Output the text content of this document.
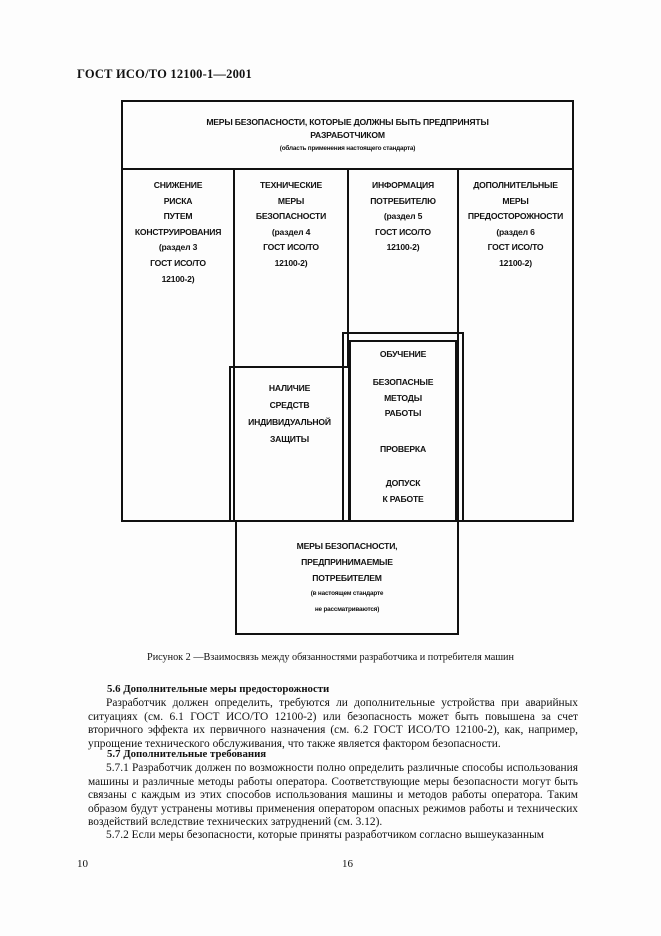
ГОСТ ИСО/ТО 12100-1—2001
МЕРЫ БЕЗОПАСНОСТИ, КОТОРЫЕ ДОЛЖНЫ БЫТЬ ПРЕДПРИНЯТЫ
РАЗРАБОТЧИКОМ
(область применения настоящего стандарта)
СНИЖЕНИЕ
РИСКА
ПУТЕМ
КОНСТРУИРОВАНИЯ
(раздел 3
ГОСТ ИСО/ТО
12100-2)
ТЕХНИЧЕСКИЕ
МЕРЫ
БЕЗОПАСНОСТИ
(раздел 4
ГОСТ ИСО/ТО
12100-2)
ИНФОРМАЦИЯ
ПОТРЕБИТЕЛЮ
(раздел 5
ГОСТ ИСО/ТО
12100-2)
ДОПОЛНИТЕЛЬНЫЕ
МЕРЫ
ПРЕДОСТОРОЖНОСТИ
(раздел 6
ГОСТ ИСО/ТО
12100-2)
НАЛИЧИЕ
СРЕДСТВ
ИНДИВИДУАЛЬНОЙ
ЗАЩИТЫ
ОБУЧЕНИЕ
БЕЗОПАСНЫЕ
МЕТОДЫ
РАБОТЫ
ПРОВЕРКА
ДОПУСК
К РАБОТЕ
МЕРЫ БЕЗОПАСНОСТИ,
ПРЕДПРИНИМАЕМЫЕ
ПОТРЕБИТЕЛЕМ
(в настоящем стандарте
не рассматриваются)
Рисунок 2 —Взаимосвязь между обязанностями разработчика и потребителя машин
5.6 Дополнительные меры предосторожности
Разработчик должен определить, требуются ли дополнительные устройства при аварийных ситуациях (см. 6.1 ГОСТ ИСО/ТО 12100-2) или безопасность может быть повышена за счет вторичного эффекта их первичного назначения (см. 6.2 ГОСТ ИСО/ТО 12100-2), как, например, упрощение технического обслуживания, что также является фактором безопасности.
5.7 Дополнительные требования
5.7.1 Разработчик должен по возможности полно определить различные способы использования машины и различные методы работы оператора. Соответствующие меры безопасности могут быть связаны с каждым из этих способов использования машины и методов работы оператора. Таким образом будут устранены мотивы применения оператором опасных режимов работы и технических воздействий вследствие технических затруднений (см. 3.12).
5.7.2 Если меры безопасности, которые приняты разработчиком согласно вышеуказанным
10	16
